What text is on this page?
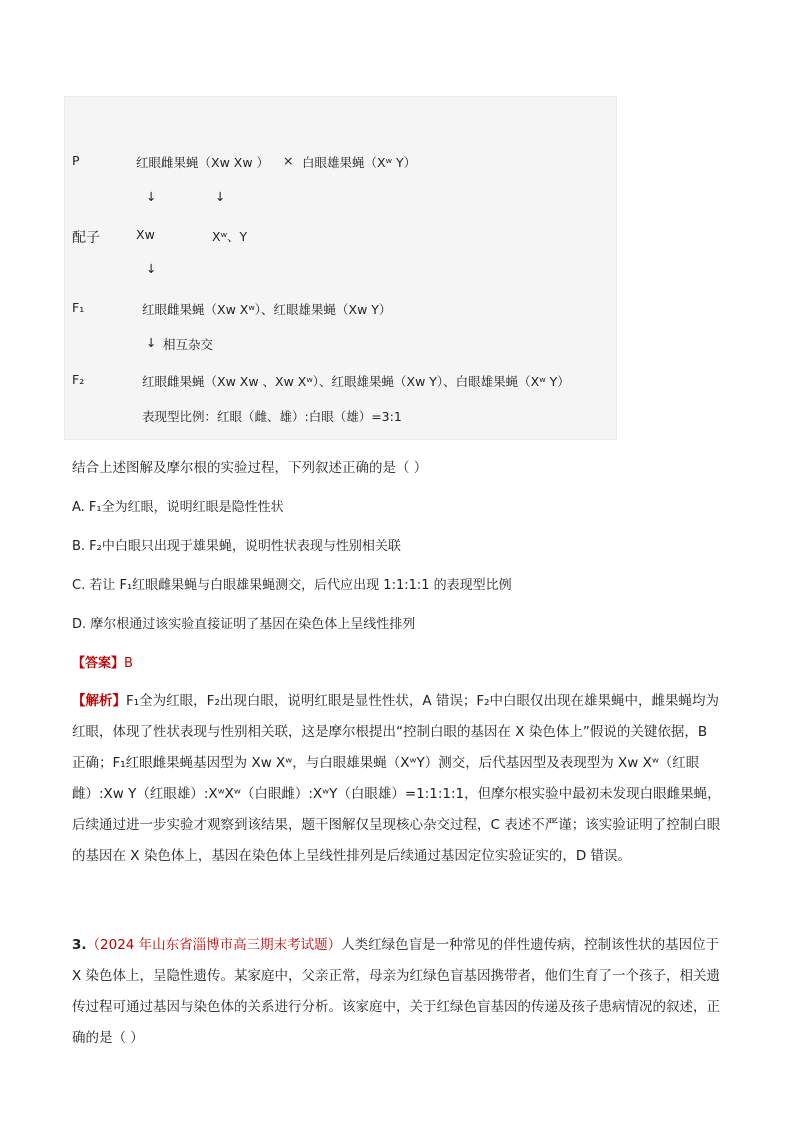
P	红眼雌果蝇（Xw Xw ） × 白眼雄果蝇（Xʷ Y）
↓	↓
配子	Xw	Xʷ、Y
↓
F₁	红眼雌果蝇（Xw Xʷ）、红眼雄果蝇（Xw Y）
↓ 相互杂交
F₂	红眼雌果蝇（Xw Xw 、Xw Xʷ）、红眼雄果蝇（Xw Y）、白眼雄果蝇（Xʷ Y）
表现型比例：红眼（雌、雄）:白眼（雄）=3:1
结合上述图解及摩尔根的实验过程，下列叙述正确的是（ ）
A. F₁全为红眼，说明红眼是隐性性状
B. F₂中白眼只出现于雄果蝇，说明性状表现与性别相关联
C. 若让 F₁红眼雌果蝇与白眼雄果蝇测交，后代应出现 1:1:1:1 的表现型比例
D. 摩尔根通过该实验直接证明了基因在染色体上呈线性排列
【答案】B
【解析】F₁全为红眼，F₂出现白眼，说明红眼是显性性状，A 错误；F₂中白眼仅出现在雄果蝇中，雌果蝇均为红眼，体现了性状表现与性别相关联，这是摩尔根提出“控制白眼的基因在 X 染色体上”假说的关键依据，B 正确；F₁红眼雌果蝇基因型为 Xw Xʷ，与白眼雄果蝇（XʷY）测交，后代基因型及表现型为 Xw Xʷ（红眼雌）:Xw Y（红眼雄）:XʷXʷ（白眼雌）:XʷY（白眼雄）=1:1:1:1，但摩尔根实验中最初未发现白眼雌果蝇，后续通过进一步实验才观察到该结果，题干图解仅呈现核心杂交过程，C 表述不严谨；该实验证明了控制白眼的基因在 X 染色体上，基因在染色体上呈线性排列是后续通过基因定位实验证实的，D 错误。
3.（2024 年山东省淄博市高三期末考试题）人类红绿色盲是一种常见的伴性遗传病，控制该性状的基因位于 X 染色体上，呈隐性遗传。某家庭中，父亲正常，母亲为红绿色盲基因携带者，他们生育了一个孩子，相关遗传过程可通过基因与染色体的关系进行分析。该家庭中，关于红绿色盲基因的传递及孩子患病情况的叙述，正确的是（ ）
